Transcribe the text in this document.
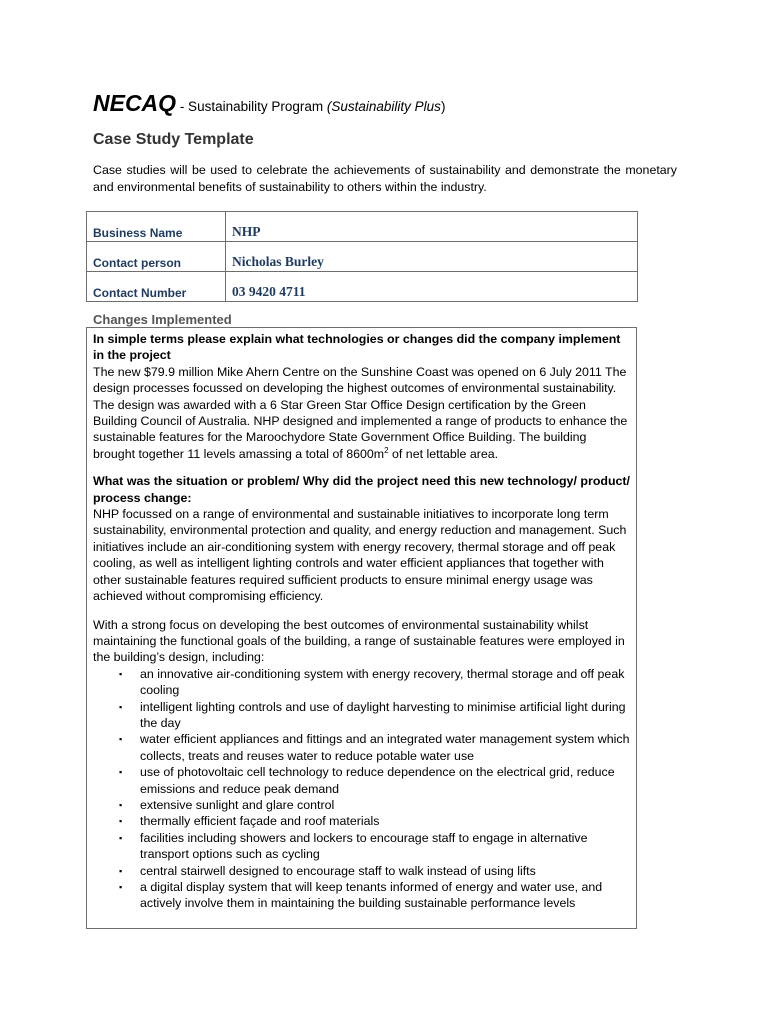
NECAQ - Sustainability Program (Sustainability Plus)
Case Study Template
Case studies will be used to celebrate the achievements of sustainability and demonstrate the monetary and environmental benefits of sustainability to others within the industry.
Business Name	NHP
Contact person	Nicholas Burley
Contact Number	03 9420 4711
Changes Implemented

In simple terms please explain what technologies or changes did the company implement in the project

The new $79.9 million Mike Ahern Centre on the Sunshine Coast was opened on 6 July 2011 The design processes focussed on developing the highest outcomes of environmental sustainability. The design was awarded with a 6 Star Green Star Office Design certification by the Green Building Council of Australia. NHP designed and implemented a range of products to enhance the sustainable features for the Maroochydore State Government Office Building. The building brought together 11 levels amassing a total of $8600m^2$ of net lettable area.

What was the situation or problem/ Why did the project need this new technology/ product/ process change:

NHP focussed on a range of environmental and sustainable initiatives to incorporate long term sustainability, environmental protection and quality, and energy reduction and management. Such initiatives include an air-conditioning system with energy recovery, thermal storage and off peak cooling, as well as intelligent lighting controls and water efficient appliances that together with other sustainable features required sufficient products to ensure minimal energy usage was achieved without compromising efficiency.

With a strong focus on developing the best outcomes of environmental sustainability whilst maintaining the functional goals of the building, a range of sustainable features were employed in the building’s design, including:

▪ an innovative air-conditioning system with energy recovery, thermal storage and off peak cooling
▪ intelligent lighting controls and use of daylight harvesting to minimise artificial light during the day
▪ water efficient appliances and fittings and an integrated water management system which collects, treats and reuses water to reduce potable water use
▪ use of photovoltaic cell technology to reduce dependence on the electrical grid, reduce emissions and reduce peak demand
▪ extensive sunlight and glare control
▪ thermally efficient façade and roof materials
▪ facilities including showers and lockers to encourage staff to engage in alternative transport options such as cycling
▪ central stairwell designed to encourage staff to walk instead of using lifts
▪ a digital display system that will keep tenants informed of energy and water use, and actively involve them in maintaining the building sustainable performance levels
